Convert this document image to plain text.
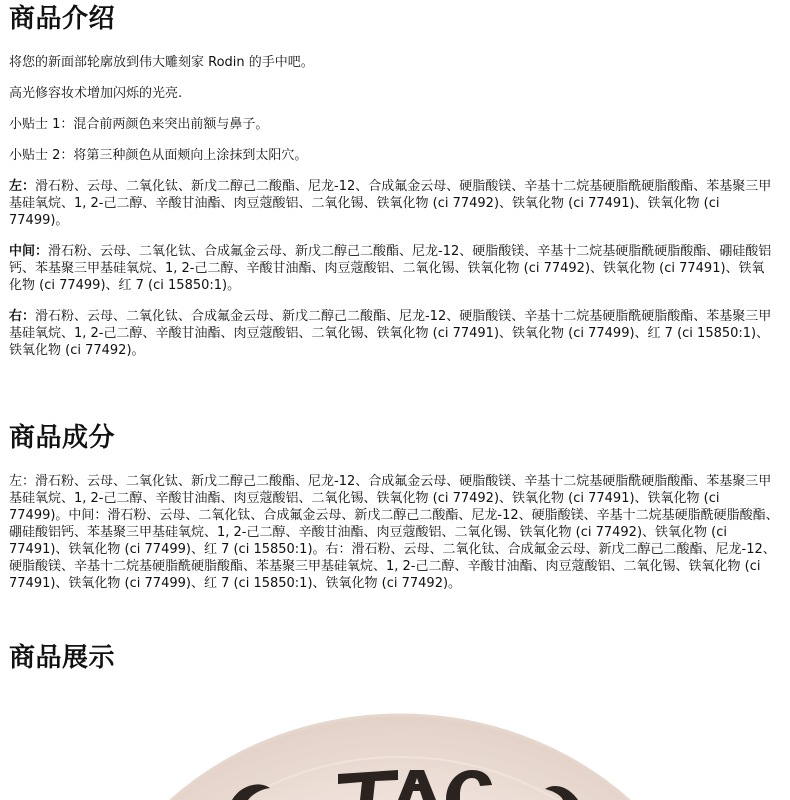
商品介绍

将您的新面部轮廓放到伟大雕刻家 Rodin 的手中吧。

高光修容妆术增加闪烁的光亮.

小贴士 1：混合前两颜色来突出前额与鼻子。

小贴士 2：将第三种颜色从面颊向上涂抹到太阳穴。

左：滑石粉、云母、二氧化钛、新戊二醇己二酸酯、尼龙-12、合成氟金云母、硬脂酸镁、辛基十二烷基硬脂酰硬脂酸酯、苯基聚三甲基硅氧烷、1, 2-己二醇、辛酸甘油酯、肉豆蔻酸铝、二氧化锡、铁氧化物 (ci 77492)、铁氧化物 (ci 77491)、铁氧化物 (ci 77499)。

中间：滑石粉、云母、二氧化钛、合成氟金云母、新戊二醇己二酸酯、尼龙-12、硬脂酸镁、辛基十二烷基硬脂酰硬脂酸酯、硼硅酸铝钙、苯基聚三甲基硅氧烷、1, 2-己二醇、辛酸甘油酯、肉豆蔻酸铝、二氧化锡、铁氧化物 (ci 77492)、铁氧化物 (ci 77491)、铁氧化物 (ci 77499)、红 7 (ci 15850:1)。

右：滑石粉、云母、二氧化钛、合成氟金云母、新戊二醇己二酸酯、尼龙-12、硬脂酸镁、辛基十二烷基硬脂酰硬脂酸酯、苯基聚三甲基硅氧烷、1, 2-己二醇、辛酸甘油酯、肉豆蔻酸铝、二氧化锡、铁氧化物 (ci 77491)、铁氧化物 (ci 77499)、红 7 (ci 15850:1)、铁氧化物 (ci 77492)。

商品成分

左：滑石粉、云母、二氧化钛、新戊二醇己二酸酯、尼龙-12、合成氟金云母、硬脂酸镁、辛基十二烷基硬脂酰硬脂酸酯、苯基聚三甲基硅氧烷、1, 2-己二醇、辛酸甘油酯、肉豆蔻酸铝、二氧化锡、铁氧化物 (ci 77492)、铁氧化物 (ci 77491)、铁氧化物 (ci 77499)。中间：滑石粉、云母、二氧化钛、合成氟金云母、新戊二醇己二酸酯、尼龙-12、硬脂酸镁、辛基十二烷基硬脂酰硬脂酸酯、硼硅酸铝钙、苯基聚三甲基硅氧烷、1, 2-己二醇、辛酸甘油酯、肉豆蔻酸铝、二氧化锡、铁氧化物 (ci 77492)、铁氧化物 (ci 77491)、铁氧化物 (ci 77499)、红 7 (ci 15850:1)。右：滑石粉、云母、二氧化钛、合成氟金云母、新戊二醇己二酸酯、尼龙-12、硬脂酸镁、辛基十二烷基硬脂酰硬脂酸酯、苯基聚三甲基硅氧烷、1, 2-己二醇、辛酸甘油酯、肉豆蔻酸铝、二氧化锡、铁氧化物 (ci 77491)、铁氧化物 (ci 77499)、红 7 (ci 15850:1)、铁氧化物 (ci 77492)。

商品展示
